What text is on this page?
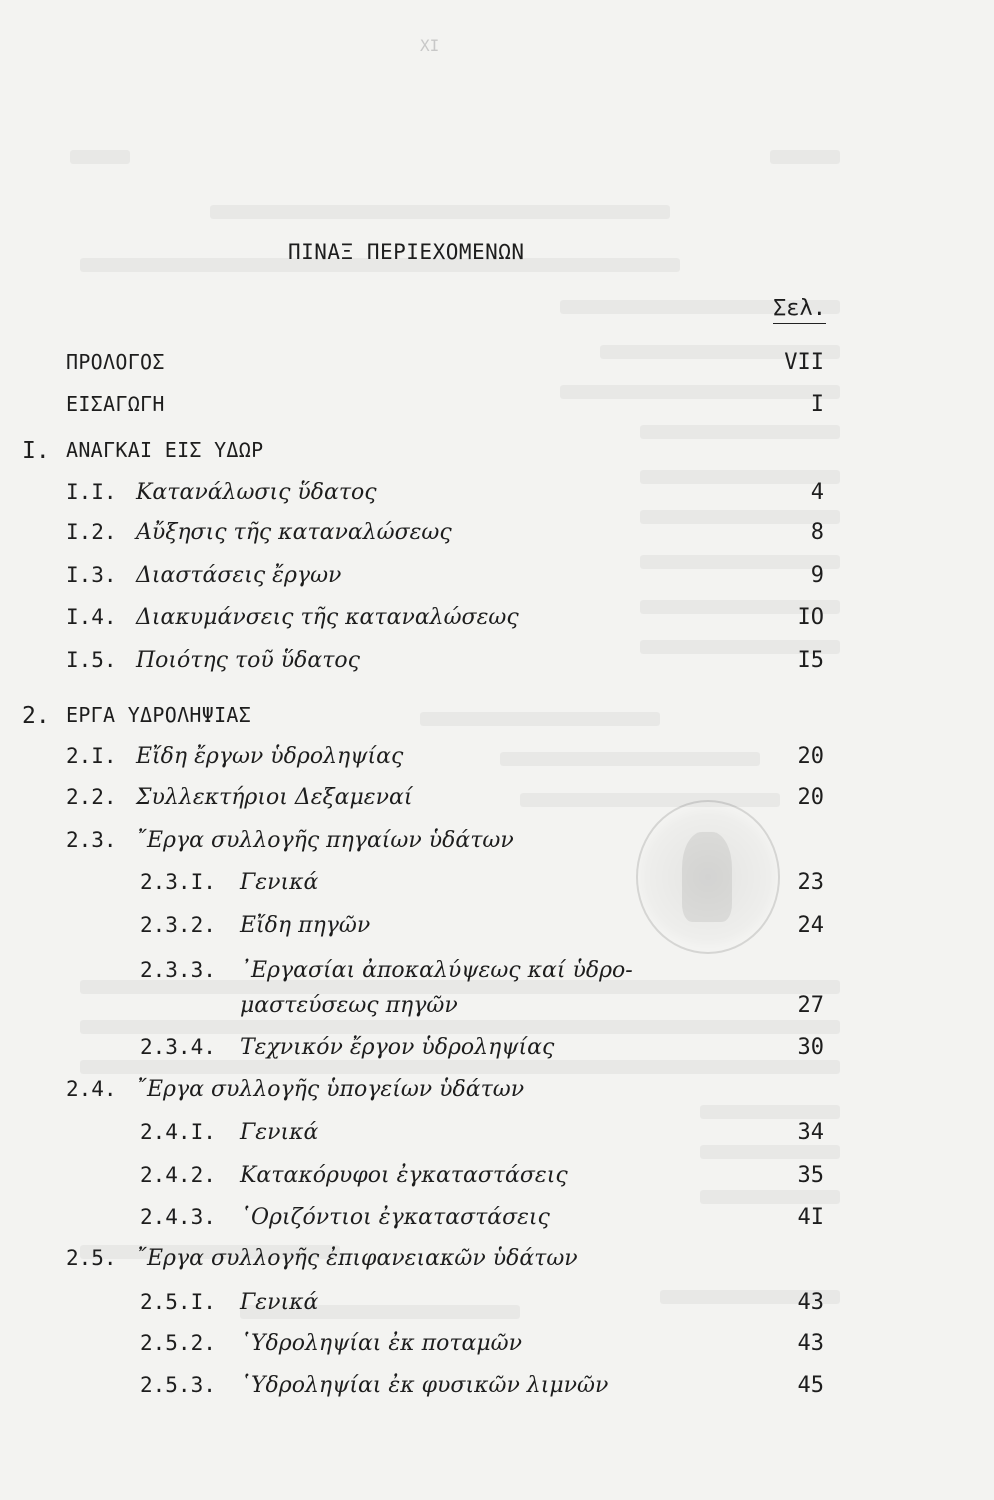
XI
ΠΙΝΑΞ ΠΕΡΙΕΧΟΜΕΝΩΝ
Σελ.
ΠΡΟΛΟΓΟΣ	VII
ΕΙΣΑΓΩΓΗ	I
I. ΑΝΑΓΚΑΙ ΕΙΣ ΥΔΩΡ
I.I. Κατανάλωσις ὕδατος	4
I.2. Αὔξησις τῆς καταναλώσεως	8
I.3. Διαστάσεις ἔργων	9
I.4. Διακυμάνσεις τῆς καταναλώσεως	IO
I.5. Ποιότης τοῦ ὕδατος	I5
2. ΕΡΓΑ ΥΔΡΟΛΗΨΙΑΣ
2.I. Εἴδη ἔργων ὑδροληψίας	20
2.2. Συλλεκτήριοι Δεξαμεναί	20
2.3. ῎Εργα συλλογῆς πηγαίων ὑδάτων
2.3.I. Γενικά	23
2.3.2. Εἴδη πηγῶν	24
2.3.3. ᾿Εργασίαι ἀποκαλύψεως καί ὑδρο-
μαστεύσεως πηγῶν	27
2.3.4. Τεχνικόν ἔργον ὑδροληψίας	30
2.4. ῎Εργα συλλογῆς ὑπογείων ὑδάτων
2.4.I. Γενικά	34
2.4.2. Κατακόρυφοι ἐγκαταστάσεις	35
2.4.3. ῾Οριζόντιοι ἐγκαταστάσεις	4I
2.5. ῎Εργα συλλογῆς ἐπιφανειακῶν ὑδάτων
2.5.I. Γενικά	43
2.5.2. ῾Υδροληψίαι ἐκ ποταμῶν	43
2.5.3. ῾Υδροληψίαι ἐκ φυσικῶν λιμνῶν	45
